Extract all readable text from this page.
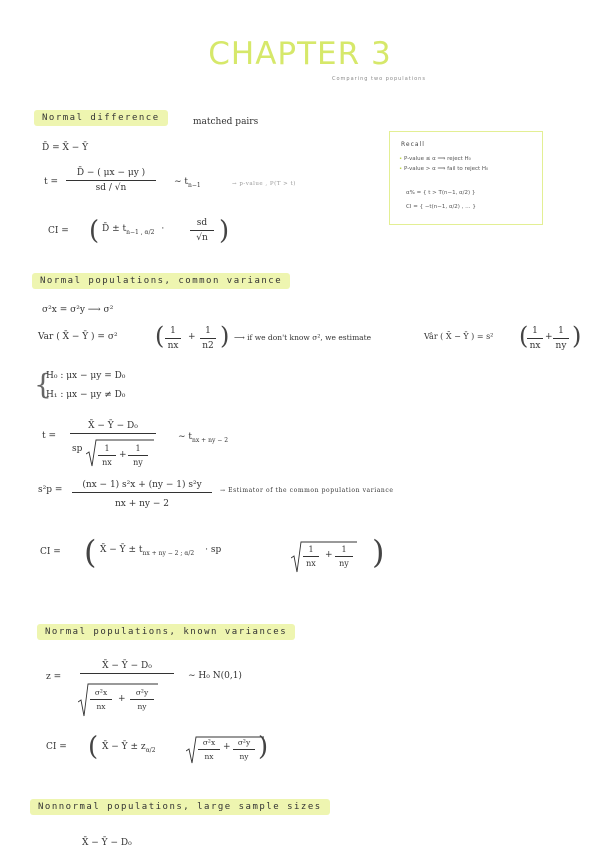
CHAPTER 3
Comparing two populations
Normal difference	matched pairs
D̄ = X̄ − Ȳ
t =
D̄ − ( μx − μy )
sd / √n
∼ $t_{n-1}$	→ p-value , P(T > t)
CI = ( D̄ ± $t_{n-1 , \alpha/2}$ ·
sd
√n )
Recall
• P-value ≤ α ⟹ reject H₀
• P-value > α ⟹ fail to reject H₀
α% = { t > T(n−1, α/2) }
CI = { −t(n−1, α/2) , … }
Normal populations, common variance
σ²x = σ²y ⟶ σ²
Var ( X̄ − Ȳ ) = σ² ( 1
nx
+
1
n2 ) ⟶ if we don't know σ², we estimate	Vâr ( X̄ − Ȳ ) = s² ( 1
nx
+
1
ny )
{
H₀ : μx − μy = D₀
H₁ : μx − μy ≠ D₀
t =
X̄ − Ȳ − D₀
sp	1
nx
+
1
ny
∼ $t_{nx + ny - 2}$
s²p =	(nx − 1) s²x + (ny − 1) s²y
nx + ny − 2
→ Estimator of the common population variance
CI = ( X̄ − Ȳ ± $t_{nx + ny - 2 ; \alpha/2}$ · sp	1
nx
+
1
ny )
Normal populations, known variances
z =
X̄ − Ȳ − D₀
σ²x
nx
+
σ²y
ny
∼ H₀ N(0,1)
CI = ( X̄ − Ȳ ± $z_{\alpha/2}$
σ²x
nx
+ σ²y
ny )
Nonnormal populations, large sample sizes
X̄ − Ȳ − D₀
